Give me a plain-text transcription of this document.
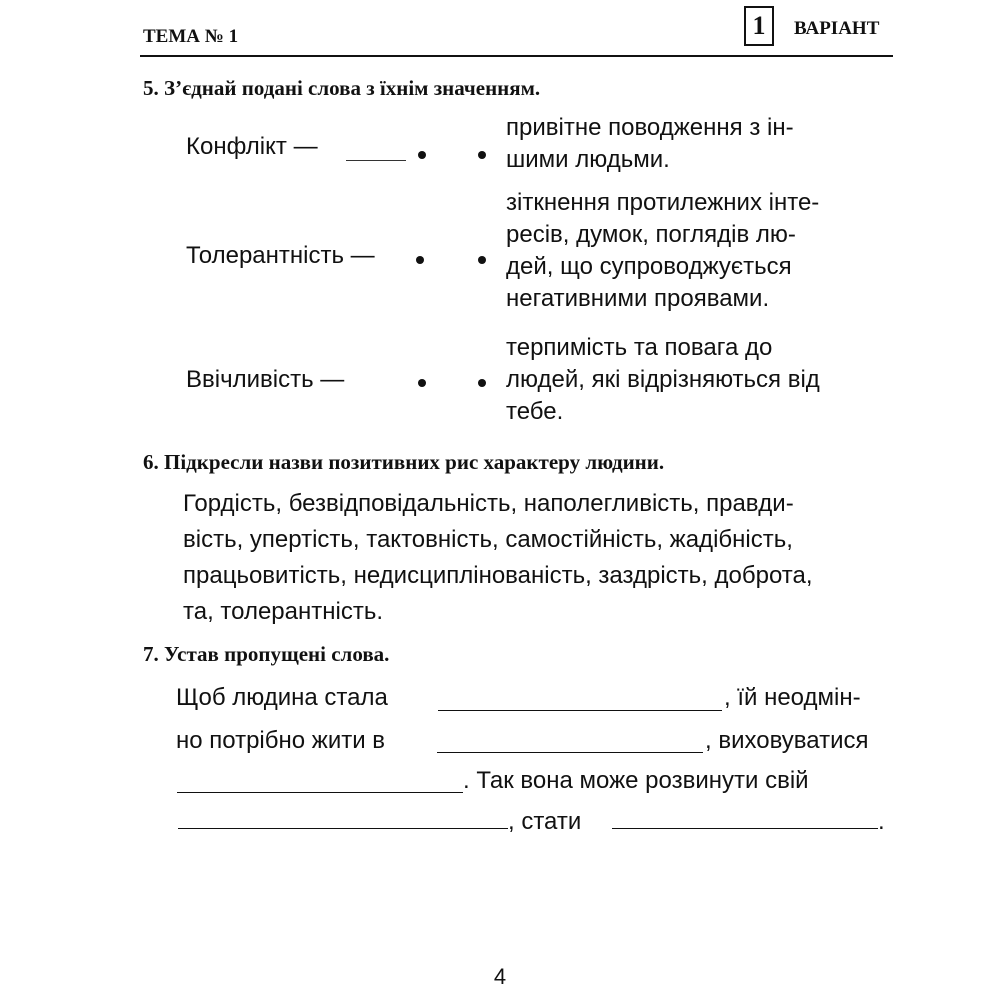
ТЕМА № 1	1	ВАРІАНТ
5. З’єднай подані слова з їхнім значенням.
Конфлікт —
привітне поводження з ін-
шими людьми.
Толерантність —
зіткнення протилежних інте-
ресів, думок, поглядів лю-
дей, що супроводжується
негативними проявами.
Ввічливість —
терпимість та повага до
людей, які відрізняються від
тебе.
6. Підкресли назви позитивних рис характеру людини.
Гордість, безвідповідальність, наполегливість, правди-
вість, упертість, тактовність, самостійність, жадібність,
працьовитість, недисциплінованість, заздрість, доброта,
та, толерантність.
7. Устав пропущені слова.
Щоб людина стала	, їй неодмін-
но потрібно жити в	, виховуватися
. Так вона може розвинути свій
, стати	.
4
